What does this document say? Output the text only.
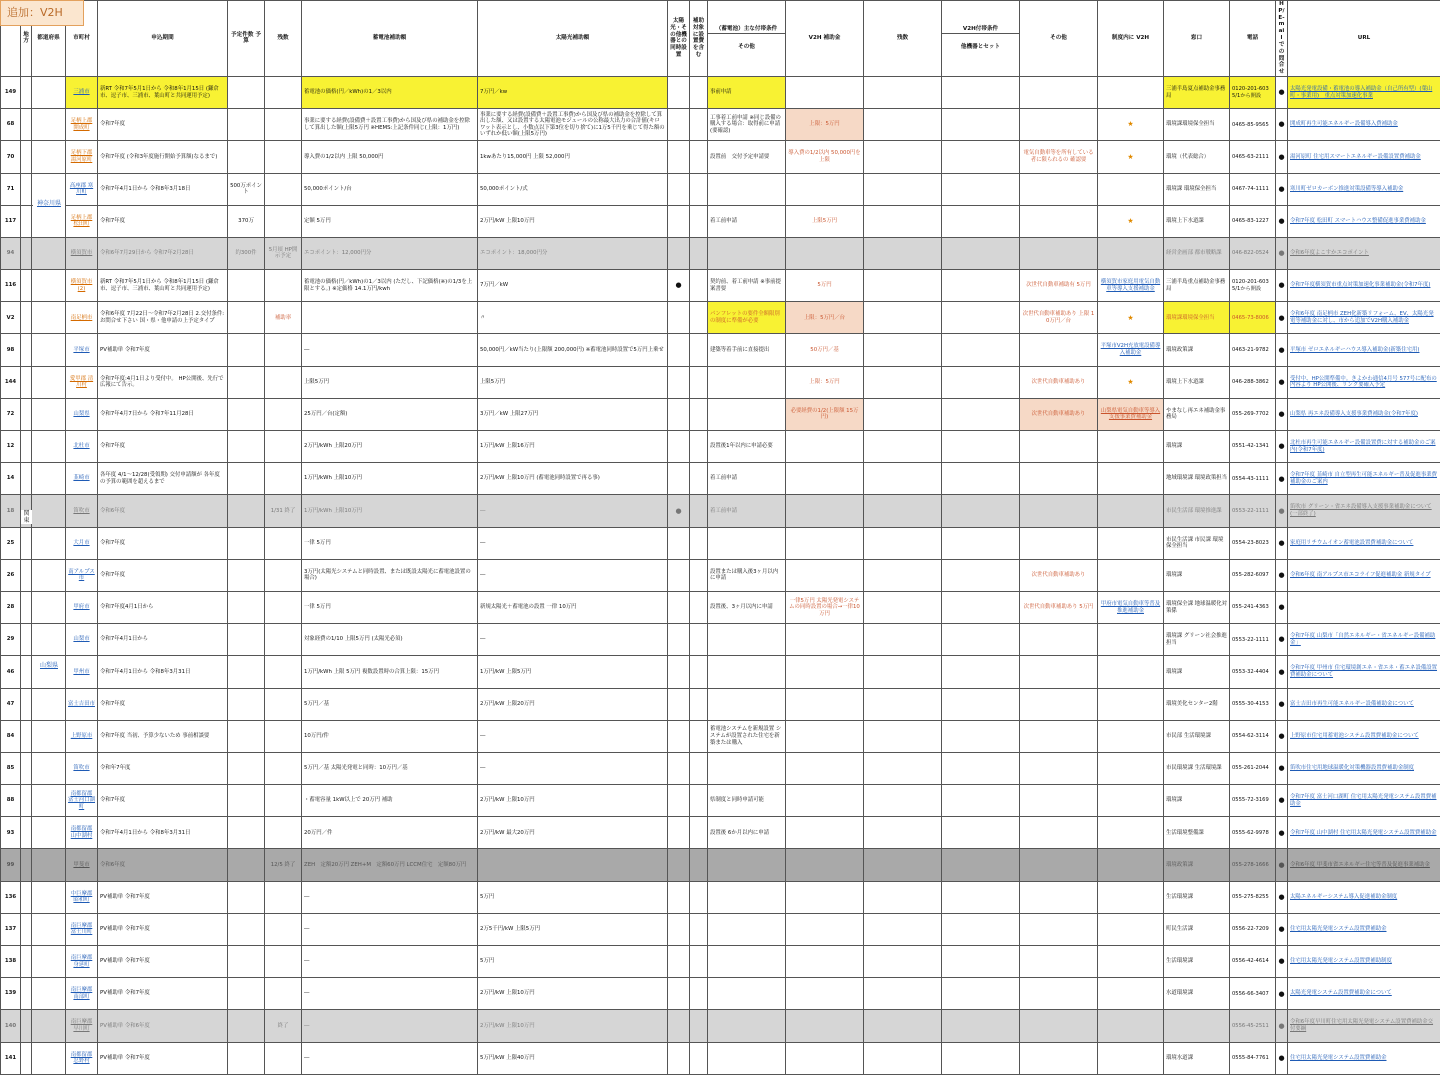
追加：V2H
	地方	都道府県	市町村	申込期間	予定件数 予算	残数	蓄電池補助額	太陽光補助額	太陽光・その他機器との同時設置	補助対象に設置費を含む	（蓄電池）主な付帯条件
その他	V2H 補助金	残数	V2H付帯条件
他機器とセット	その他	制度内に V2H	窓口	電話	HP/E-mailでの問合せ	URL
149			三浦市	新RT 令和7年5月1日から 令和8年1月15日 (鎌倉市、逗子市、三浦市、葉山町と共同運用予定)			蓄電池の価格(円／kWh)の1／3以内	7万円／kw			事前申請						三浦半島夏点補助金事務局	0120-201-603 5/1から開設	●	太陽光発電設備・蓄電池の導入補助金（自己所有型）(葉山町・事業用)　重点対策加速化事業
68			足柄上郡 開成町	令和7年度			事業に要する経費(設備費＋設置工事費)から国及び県の補助金を控除して算出した額(上限5万円 ※HEMS:上記条件同じ(上限：1万円)	事業に要する経費(設備費＋設置工事費)から国及び県の補助金を控除して算出した額、又は設置する太陽電池モジュールの公称最大出力の合計値(キロワット表示とし、小数点以下第3位を切り捨て)に1万5千円を乗じて得た額のいずれか低い額(上限5万円)			工事着工前申請 ※同じ設備の購入する場合：取得前に申請 (要確認)	上限：5万円				★	環境課環境保全担当	0465-85-9565	●	開成町再生可能エネルギー設備導入費補助金
70			足柄下郡 湯河原町	令和7年度 (令和3年度施行開始予算額(なるまで)			導入費の1/2以内 上限 50,000円	1kwあたり15,000円 上限 52,000円			設置前　交付予定申請要	導入費の1/2以内 50,000円を上限			電気自動車等を所有している者に限られるの 確認要	★	環境（代表総合）	0465-63-2111	●	湯河原町 住宅用スマートエネルギー設備設置費補助金
71			高座郡 寒川町	令和7年4月1日から 令和8年3月18日	500万ポイント		50,000ポイント/台	50,000ポイント/式									環境課 環境保全担当	0467-74-1111	●	寒川町ゼロカーボン推進対策設備等導入補助金
117			足柄上郡 松田町	令和7年度	370万		定額 5万円	2万円/kW 上限10万円			着工前申請	上限5万円				★	環境上下水道課	0465-83-1227	●	令和7年度 松田町 スマートハウス整備促進事業費補助金
94			横須賀市	令和6年7月29日から 令和7年2月28日	約300件	5月頃 HP開示予定	エコポイント：12,000円分	エコポイント：18,000円分									経営企画部 都市戦略課	046-822-0524	●	令和6年度よこすかエコポイント
116			横須賀市(2)	新RT 令和7年5月1日から 令和8年1月15日 (鎌倉市、逗子市、三浦市、葉山町と共同運用予定)			蓄電池の価格(円／kWh)の1／3以内 (ただし、下記価格(※)の1/3を上限とする。) ※定価格 14.1万円/kwh	7万円／kW	●		契約前、着工前申請 ※事前提案書要	5万円			次世代自動車補助有 5万円	横須賀市家庭用電気自動車等導入支援補助金	三浦半島重点補助金事務局	0120-201-603 5/1から開設	●	令和7年度横須賀市重点対策加速化事業補助金(令和7年度)
V2			南足柄市	令和6年度 7月22日～令和7年2月28日 2.交付条件:お問合せ下さい 国・県・他申請の上予定タイプ		補助率		〃			パンフレットの要件全額限別の制度に準備が必要	上限：5万円／台			次世代自動車補助あり 上限 10万円／台	★	環境課環境保全担当	0465-73-8006	●	令和6年度 南足柄市 ZEH化新築リフォーム、EV、太陽光発電等補助金に対し、市から追加でV2H購入補助金
98			平塚市	PV補助単 令和7年度			―	50,000円／kW当たり(上限額 200,000円) ※蓄電池同時設置で5万円上乗せ			建築等着手前に直接提出	50万円／基				平塚市V2H充放電設備導入補助金	環境政策課	0463-21-9782	●	平塚市 ゼロエネルギーハウス導入補助金(新築住宅用)
144			愛甲郡 清川村	令和7年度:4月1日より受付中。 HP公開後、先行で広報にて告示。			上限5万円	上限5万円				上限：5万円			次世代自動車補助あり	★	環境上下水道課	046-288-3862	●	受付中、HP公開準備中。きよかわ通信4月号 577号に配布の内容より HP公開後、リンク要確入予定
72			山梨県	令和7年4月7日から 令和7年11月28日			25万円／台(定額)	3万円／kW 上限27万円				必要経費の1/2(上限額 15万円)			次世代自動車補助あり	山梨県電気自動車等導入支援事業費補助金	やまなし再エネ補助金事務局	055-269-7702	●	山梨県 再エネ設備導入支援事業費補助金(令和7年度)
12			北杜市	令和7年度			2万円/kWh 上限20万円	1万円/kW 上限16万円			設置後1年以内に申請必要						環境課	0551-42-1341	●	北杜市再生可能エネルギー設備設置費に対する補助金のご案内(令和7年度)
14			韮崎市	各年度 4/1～12/28(受領期) 交付申請額が 各年度の予算の範囲を超えるまで			1万円/kWh 上限10万円	2万円/kW 上限10万円 (蓄電池同時設置で再る事)			着工前申請						地域環境課 環境政策担当	0554-43-1111	●	令和7年度 韮崎市 自立型再生可能エネルギー普及促進事業費補助金のご案内
18			笛吹市	令和6年度		1/31 終了	1万円/kWh 上限10万円	―	●		着工前申請						市民生活部 環境推進課	0553-22-1111	●	笛吹市 グリーン・省エネ設備導入支援事業補助金について(一部終了)
25			大月市	令和7年度			一律 5万円	―									市民生活課 市民課 環境保全担当	0554-23-8023	●	家庭用リチウムイオン蓄電池設置費補助金について
26			南アルプス市	令和7年度			3万円(太陽光システムと同時設置、または既設太陽光に蓄電池設置の場合)	―			設置または購入後3ヶ月以内に申請				次世代自動車補助あり		環境課	055-282-6097	●	令和6年度 南アルプス市エコライフ促進補助金 新規タイプ
28			甲府市	令和7年度4月1日から			一律 5万円	新規太陽光＋蓄電池の設置 一律 10万円			設置後、3ヶ月以内に申請	一律5万円 太陽光発電システムの同時設置の場合→一律10万円			次世代自動車補助あり 5万円	甲府市電気自動車等普及推進補助金	環境保全課 地球温暖化対策係	055-241-4363	●	
29			山梨市	令和7年4月1日から			対象経費の1/10 上限5万円 (太陽光必須)	―									環境課 グリーン社会推進担当	0553-22-1111	●	令和7年度 山梨市「自然エネルギー・省エネルギー設備補助金」
46			甲州市	令和7年4月1日から 令和8年3月31日			1万円/kWh 上限 5万円 複数設置時の合算上限：15万円	1万円/kW 上限5万円									環境課	0553-32-4404	●	令和7年度 甲州市 住宅環境創エネ・省エネ・蓄エネ設備設置費補助金について
47			富士吉田市	令和7年度			5万円／基	2万円/kW 上限20万円									環境美化センター2階	0555-30-4153	●	富士吉田市再生可能エネルギー設備補助金について
84			上野原市	令和7年度 当初、予算少ないため 事前相談要			10万円/件	―			蓄電池システムを新規設置 システムが設置された住宅を新築または購入						市民部 生活環境課	0554-62-3114	●	上野原市住宅用蓄電池システム設置費補助金について
85			笛吹市	令和年7年度			5万円／基 太陽光発電と同時：10万円／基	―									市民環境課 生活環境課	055-261-2044	●	笛吹市住宅用地球温暖化対策機器設置費補助金制度
88			南都留郡 富士河口湖町	令和7年度			・蓄電容量 1kW以上で 20万円 補助	2万円/kW 上限10万円			県制度と同時申請可能						環境課	0555-72-3169	●	令和7年度 富士河口湖町 住宅用太陽光発電システム設置費補助金
93			南都留郡 山中湖村	令和7年4月1日から 令和8年3月31日			20万円／件	2万円/kW 最大20万円			設置後 6か月以内に申請						生活環境整備課	0555-62-9978	●	令和7年度 山中湖村 住宅用太陽光発電システム設置費補助金
99			甲斐市	令和6年度		12/5 終了	ZEH　定額20万円 ZEH+M　定額60万円 LCCM住宅　定額80万円										環境政策課	055-278-1666	●	令和6年度 甲斐市省エネルギー住宅等普及促進事業補助金
136			中巨摩郡 昭和町	PV補助単 令和7年度			―	5万円									生活環境課	055-275-8255	●	太陽エネルギーシステム導入促進補助金制度
137			南巨摩郡 富士川町	PV補助単 令和7年度			―	2万5千円/kW 上限5万円									町民生活課	0556-22-7209	●	住宅用太陽光発電システム設置費補助金
138			南巨摩郡 身延町	PV補助単 令和7年度			―	5万円									生活環境課	0556-42-4614	●	住宅用太陽光発電システム設置費補助制度
139			南巨摩郡 南部町	PV補助単 令和7年度			―	2万円/kW 上限10万円									水道環境課	0556-66-3407	●	太陽光発電システム設置費補助金について
140			南巨摩郡 早川町	PV補助単 令和6年度		終了	―	2万円/kW 上限10万円										0556-45-2511	●	令和6年度早川町住宅用太陽光発電システム設置費補助金交付要綱
141			南都留郡 忍野村	PV補助単 令和7年度			―	5万円/kW 上限40万円									環境水道課	0555-84-7761	●	住宅用太陽光発電システム設置費補助金
神奈川県
山梨県
関東
